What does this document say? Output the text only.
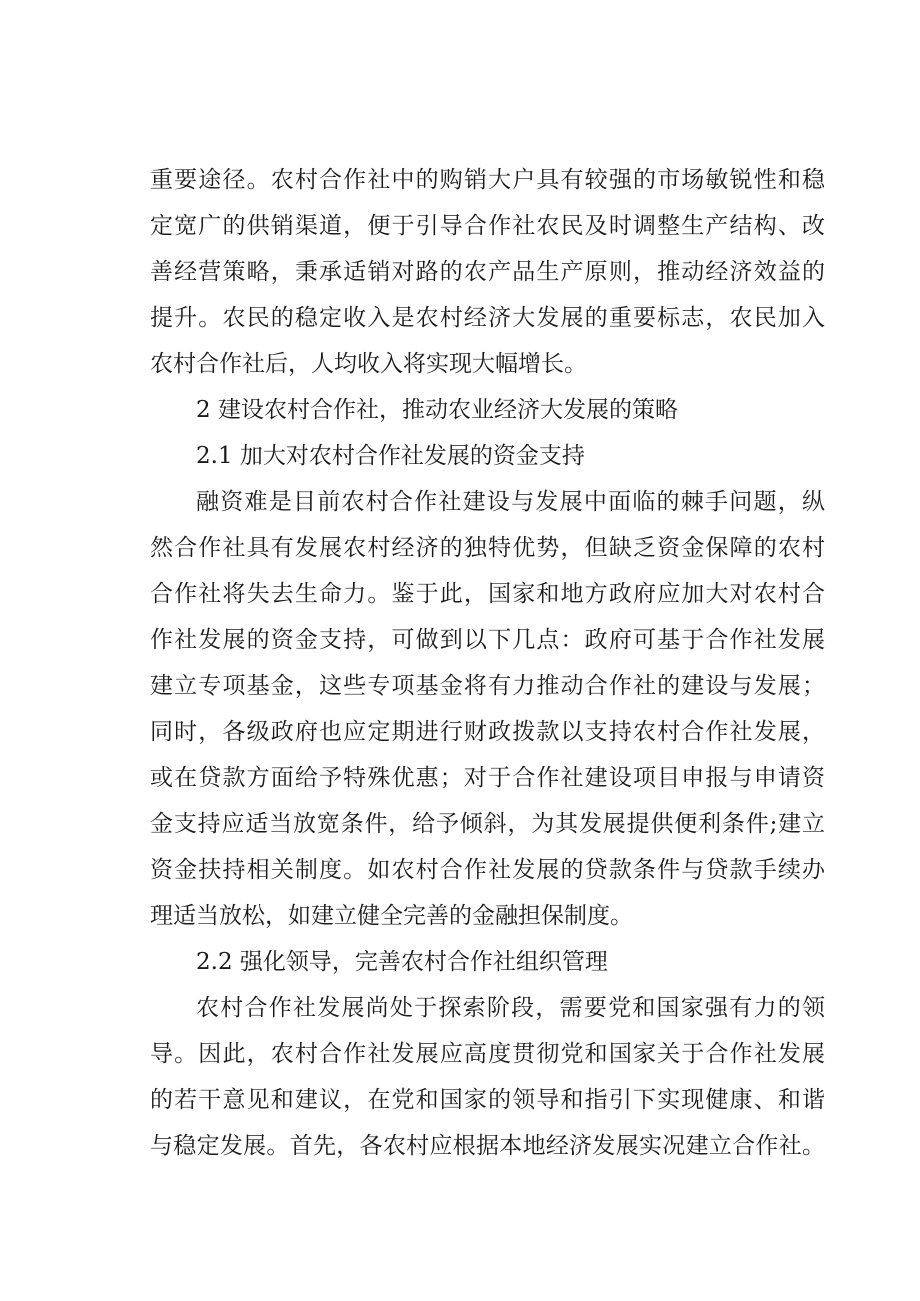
重要途径。农村合作社中的购销大户具有较强的市场敏锐性和稳
定宽广的供销渠道，便于引导合作社农民及时调整生产结构、改
善经营策略，秉承适销对路的农产品生产原则，推动经济效益的
提升。农民的稳定收入是农村经济大发展的重要标志，农民加入
农村合作社后，人均收入将实现大幅增长。
2 建设农村合作社，推动农业经济大发展的策略
2.1 加大对农村合作社发展的资金支持
融资难是目前农村合作社建设与发展中面临的棘手问题，纵
然合作社具有发展农村经济的独特优势，但缺乏资金保障的农村
合作社将失去生命力。鉴于此，国家和地方政府应加大对农村合
作社发展的资金支持，可做到以下几点：政府可基于合作社发展
建立专项基金，这些专项基金将有力推动合作社的建设与发展；
同时，各级政府也应定期进行财政拨款以支持农村合作社发展，
或在贷款方面给予特殊优惠；对于合作社建设项目申报与申请资
金支持应适当放宽条件，给予倾斜，为其发展提供便利条件;建立
资金扶持相关制度。如农村合作社发展的贷款条件与贷款手续办
理适当放松，如建立健全完善的金融担保制度。
2.2 强化领导，完善农村合作社组织管理
农村合作社发展尚处于探索阶段，需要党和国家强有力的领
导。因此，农村合作社发展应高度贯彻党和国家关于合作社发展
的若干意见和建议，在党和国家的领导和指引下实现健康、和谐
与稳定发展。首先，各农村应根据本地经济发展实况建立合作社。
